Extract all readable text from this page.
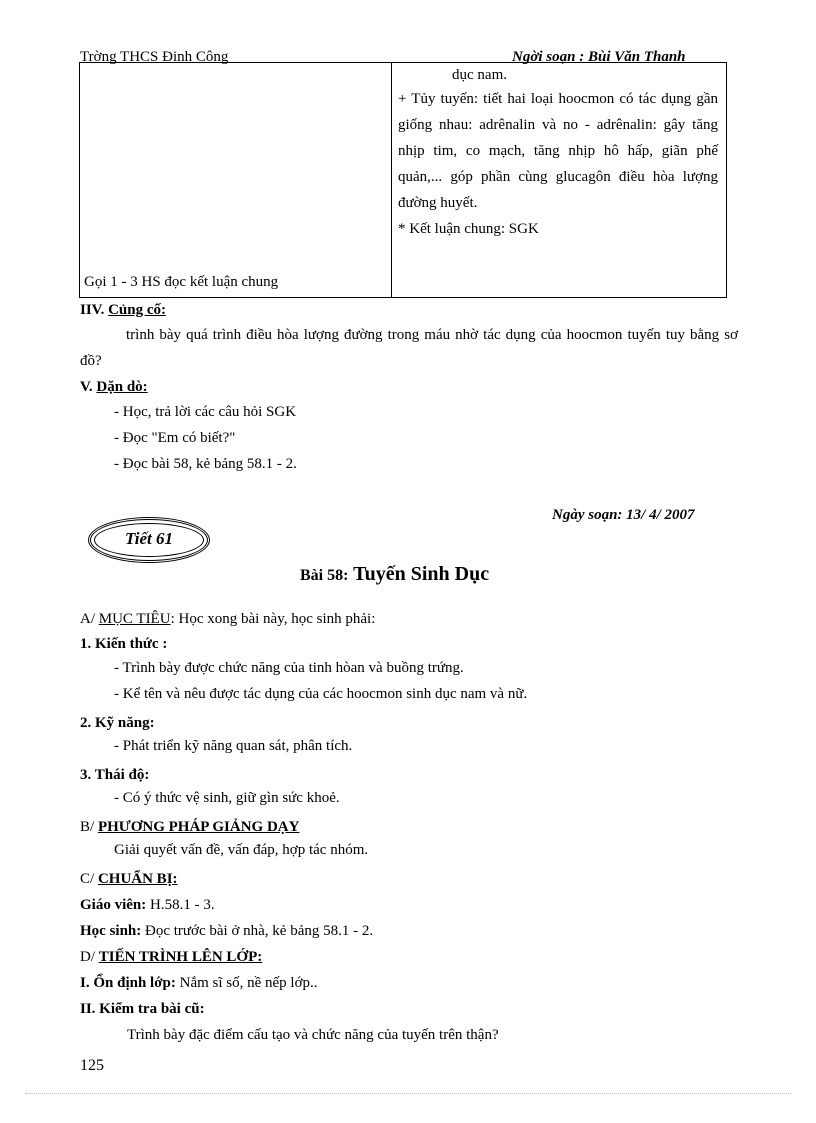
Trờng THCS Đinh Công	Ngời soạn : Bùi Văn Thanh
Gọi 1 - 3 HS đọc kết luận chung

dục nam.

+ Tủy tuyến: tiết hai loại hoocmon có tác dụng gần giống nhau: adrênalin và no - adrênalin: gây tăng nhịp tim, co mạch, tăng nhịp hô hấp, giãn phế quản,... góp phần cùng glucagôn điều hòa lượng đường huyết.

* Kết luận chung: SGK

IIV. Củng cố:
trình bày quá trình điều hòa lượng đường trong máu nhờ tác dụng của hoocmon tuyến tuy bằng sơ đồ?
V. Dặn dò:
- Học, trả lời các câu hỏi SGK
- Đọc "Em có biết?"
- Đọc bài 58, kẻ bảng 58.1 - 2.
Ngày soạn: 13/ 4/ 2007
Tiết 61
Bài 58: Tuyến Sinh Dục
A/ MỤC TIÊU: Học xong bài này, học sinh phải:
1. Kiến thức :
- Trình bày được chức năng của tinh hòan và buồng trứng.
- Kể tên và nêu được tác dụng của các hoocmon sinh dục nam và nữ.
2. Kỹ năng:
- Phát triển kỹ năng quan sát, phân tích.
3. Thái độ:
- Có ý thức vệ sinh, giữ gìn sức khoẻ.
B/ PHƯƠNG PHÁP GIẢNG DẠY
Giải quyết vấn đề, vấn đáp, hợp tác nhóm.
C/ CHUẨN BỊ:
Giáo viên: H.58.1 - 3.
Học sinh: Đọc trước bài ở nhà, kẻ bảng 58.1 - 2.
D/ TIẾN TRÌNH LÊN LỚP:
I. Ổn định lớp: Nắm sĩ số, nề nếp lớp..
II. Kiểm tra bài cũ:
Trình bày đặc điểm cấu tạo và chức năng của tuyến trên thận?
125
